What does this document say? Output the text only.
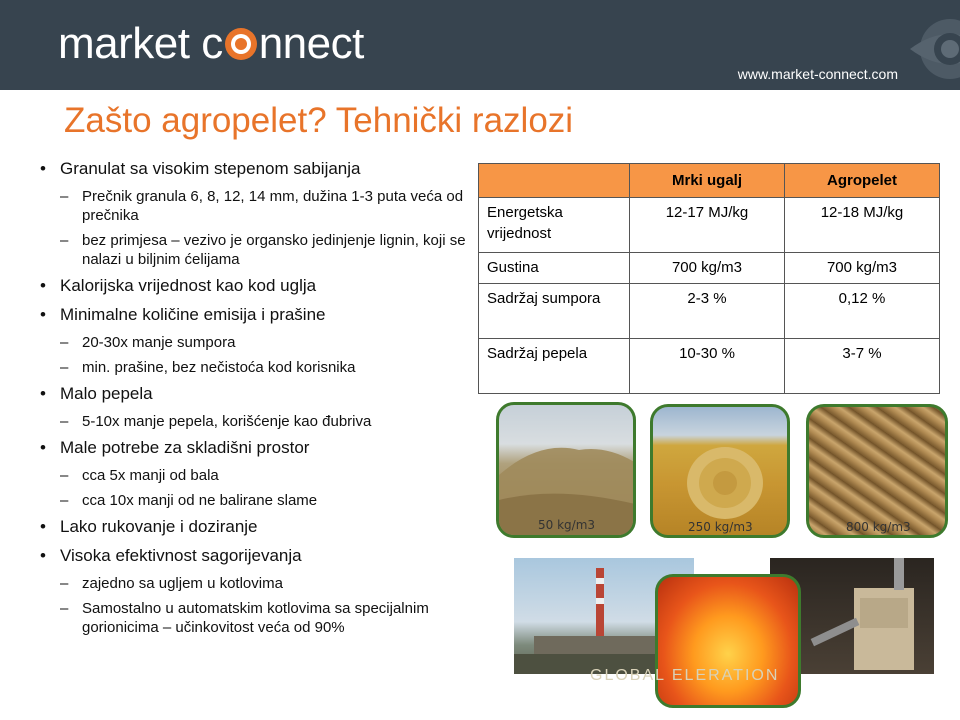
market c nnect
www.market-connect.com
Zašto agropelet? Tehnički razlozi
• Granulat sa visokim stepenom sabijanja
– Prečnik granula 6, 8, 12, 14 mm, dužina 1-3 puta veća od prečnika
– bez primjesa – vezivo je organsko jedinjenje lignin, koji se nalazi u biljnim ćelijama
• Kalorijska vrijednost kao kod uglja
• Minimalne količine emisija i prašine
– 20-30x manje sumpora
– min. prašine, bez nečistoća kod korisnika
• Malo pepela
– 5-10x manje pepela, korišćenje kao đubriva
• Male potrebe za skladišni prostor
– cca 5x manji od bala
– cca 10x manji od ne balirane slame
• Lako rukovanje i doziranje
• Visoka efektivnost sagorijevanja
– zajedno sa ugljem u kotlovima
– Samostalno u automatskim kotlovima sa specijalnim gorionicima – učinkovitost veća od 90%
	Mrki ugalj	Agropelet
Energetska vrijednost	12-17 MJ/kg	12-18 MJ/kg
Gustina	700 kg/m3	700 kg/m3
Sadržaj sumpora	2-3 %	0,12 %
Sadržaj pepela	10-30 %	3-7 %
50 kg/m3	250 kg/m3	800 kg/m3
GLOBAL ELERATION
